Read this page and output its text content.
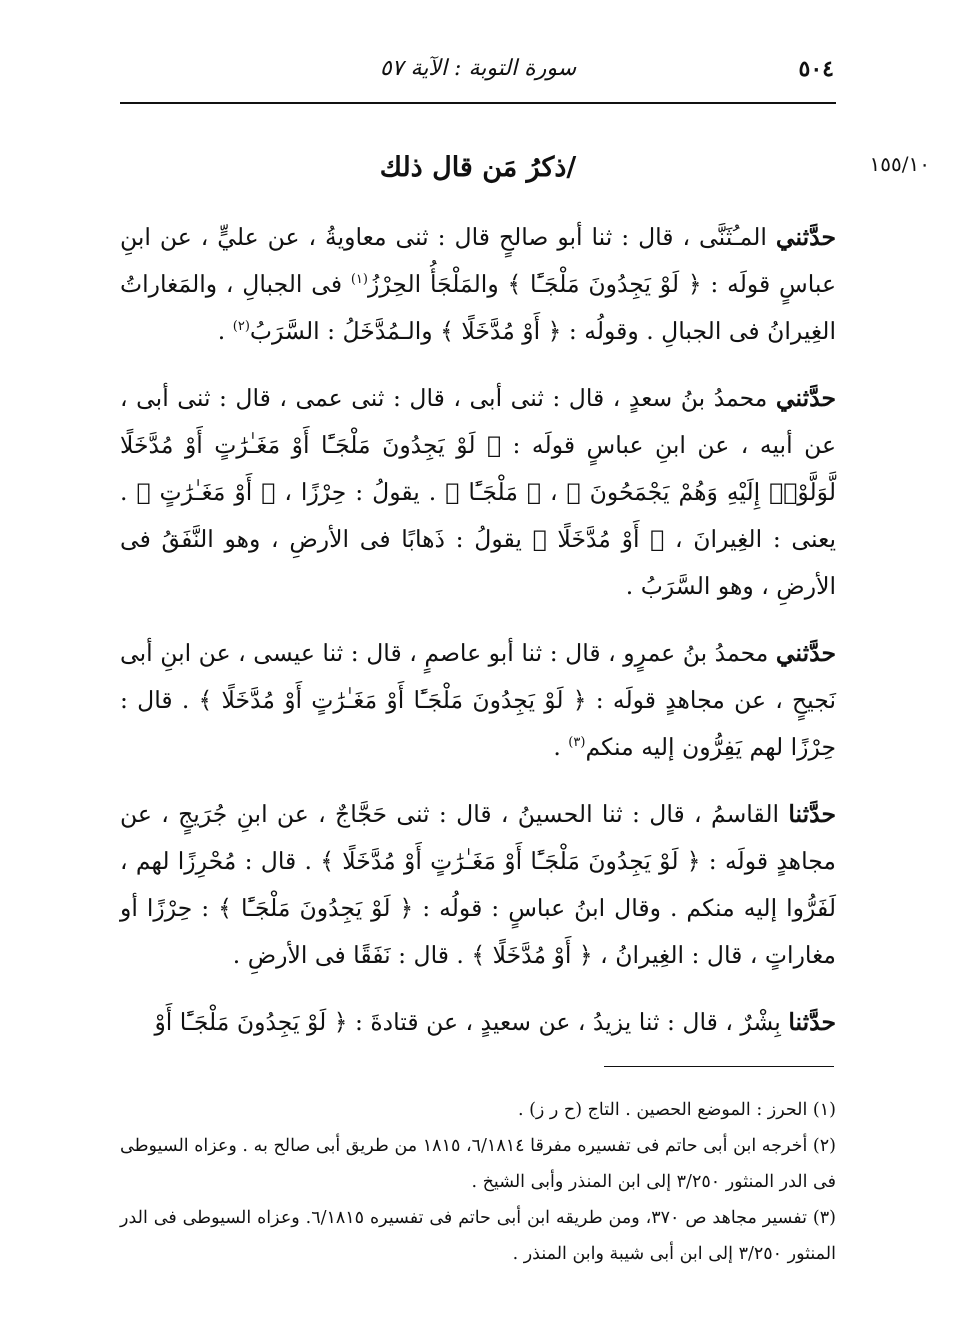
٥٠٤
سورة التوبة : الآية ٥٧
١٥٥/١٠
/ذكرُ مَن قال ذلك

حدَّثني المـُثَنَّى ، قال : ثنا أبو صالحٍ قال : ثنى معاويةُ ، عن عليٍّ ، عن ابنِ عباسٍ قولَه : ﴿ لَوْ يَجِدُونَ مَلْجَـًٔا ﴾ والمَلْجَأُ الحِرْزُ$^{(١)}$ فى الجبالِ ، والمَغاراتُ الغِيرانُ فى الجبالِ . وقولُه : ﴿ أَوْ مُدَّخَلًا ﴾ والـمُدَّخَلُ : السَّرَبُ$^{(٢)}$ .

حدَّثني محمدُ بنُ سعدٍ ، قال : ثنى أبى ، قال : ثنى عمى ، قال : ثنى أبى ، عن أبيه ، عن ابنِ عباسٍ قولَه : ﴿ لَوْ يَجِدُونَ مَلْجَـًٔا أَوْ مَغَـٰرَٰتٍ أَوْ مُدَّخَلًا لَّوَلَّوْا۟ إِلَيْهِ وَهُمْ يَجْمَحُونَ ﴾ ، ﴿ مَلْجَـًٔا ﴾ . يقولُ : حِرْزًا ، ﴿ أَوْ مَغَـٰرَٰتٍ ﴾ . يعنى : الغِيرانَ ، ﴿ أَوْ مُدَّخَلًا ﴾ يقولُ : ذَهابًا فى الأرضِ ، وهو النَّفَقُ فى الأرضِ ، وهو السَّرَبُ .

حدَّثني محمدُ بنُ عمرٍو ، قال : ثنا أبو عاصمٍ ، قال : ثنا عيسى ، عن ابنِ أبى نَجيحٍ ، عن مجاهدٍ قولَه : ﴿ لَوْ يَجِدُونَ مَلْجَـًٔا أَوْ مَغَـٰرَٰتٍ أَوْ مُدَّخَلًا ﴾ . قال : حِرْزًا لهم يَفِرُّون إليه منكم$^{(٣)}$ .

حدَّثنا القاسمُ ، قال : ثنا الحسينُ ، قال : ثنى حَجَّاجٌ ، عن ابنِ جُرَيجٍ ، عن مجاهدٍ قولَه : ﴿ لَوْ يَجِدُونَ مَلْجَـًٔا أَوْ مَغَـٰرَٰتٍ أَوْ مُدَّخَلًا ﴾ . قال : مُحْرِزًا لهم ، لَفَرُّوا إليه منكم . وقال ابنُ عباسٍ : قولُه : ﴿ لَوْ يَجِدُونَ مَلْجَـًٔا ﴾ : حِرْزًا أو مغاراتٍ ، قال : الغِيرانُ ، ﴿ أَوْ مُدَّخَلًا ﴾ . قال : نَفَقًا فى الأرضِ .

حدَّثنا بِشْرٌ ، قال : ثنا يزيدُ ، عن سعيدٍ ، عن قتادةَ : ﴿ لَوْ يَجِدُونَ مَلْجَـًٔا أَوْ

(١) الحرز : الموضع الحصين . التاج (ح ر ز) .

(٢) أخرجه ابن أبى حاتم فى تفسيره مفرقا ٦/١٨١٤، ١٨١٥ من طريق أبى صالح به . وعزاه السيوطى فى الدر المنثور ٣/٢٥٠ إلى ابن المنذر وأبى الشيخ .

(٣) تفسير مجاهد ص ٣٧٠، ومن طريقه ابن أبى حاتم فى تفسيره ٦/١٨١٥. وعزاه السيوطى فى الدر المنثور ٣/٢٥٠ إلى ابن أبى شيبة وابن المنذر .
